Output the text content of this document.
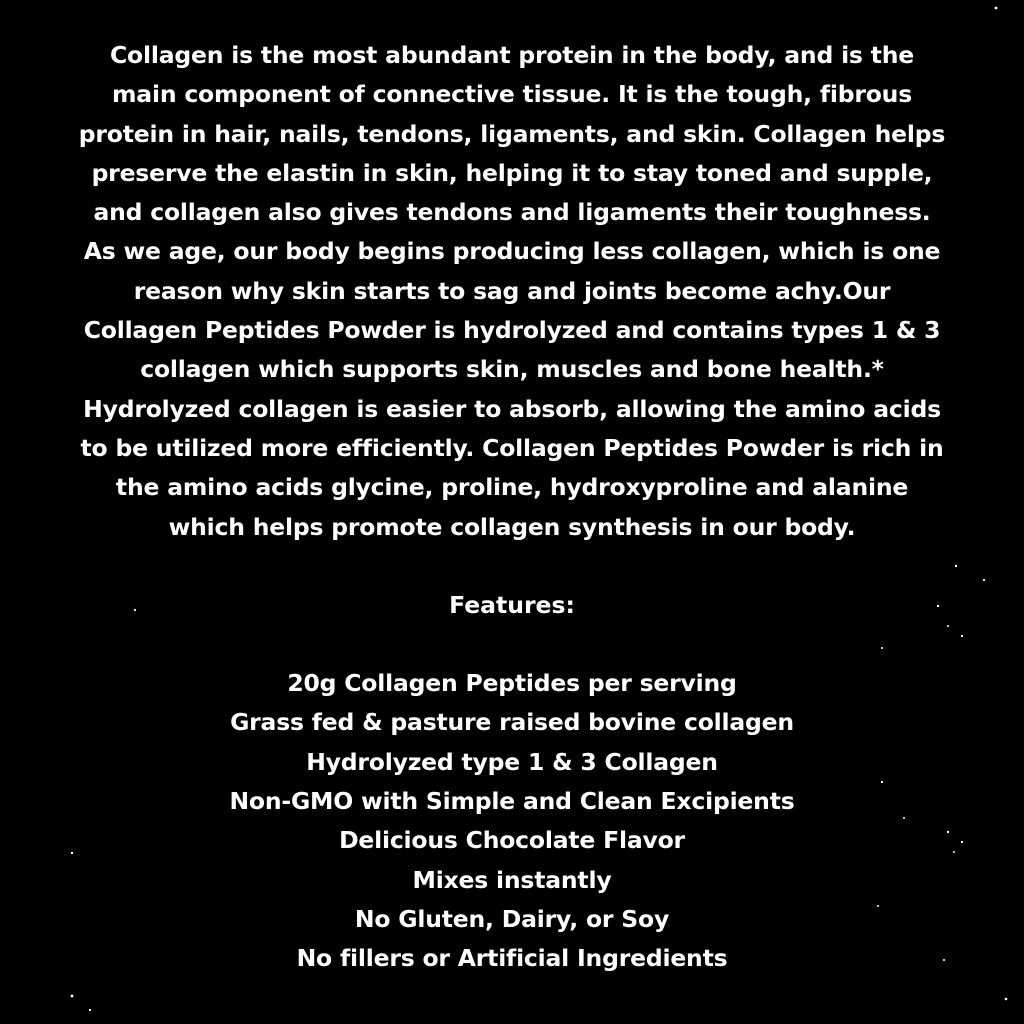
Collagen is the most abundant protein in the body, and is the
main component of connective tissue. It is the tough, fibrous
protein in hair, nails, tendons, ligaments, and skin. Collagen helps
preserve the elastin in skin, helping it to stay toned and supple,
and collagen also gives tendons and ligaments their toughness.
As we age, our body begins producing less collagen, which is one
reason why skin starts to sag and joints become achy.Our
Collagen Peptides Powder is hydrolyzed and contains types 1 & 3
collagen which supports skin, muscles and bone health.*
Hydrolyzed collagen is easier to absorb, allowing the amino acids
to be utilized more efficiently. Collagen Peptides Powder is rich in
the amino acids glycine, proline, hydroxyproline and alanine
which helps promote collagen synthesis in our body.
Features:
20g Collagen Peptides per serving
Grass fed & pasture raised bovine collagen
Hydrolyzed type 1 & 3 Collagen
Non-GMO with Simple and Clean Excipients
Delicious Chocolate Flavor
Mixes instantly
No Gluten, Dairy, or Soy
No fillers or Artificial Ingredients
